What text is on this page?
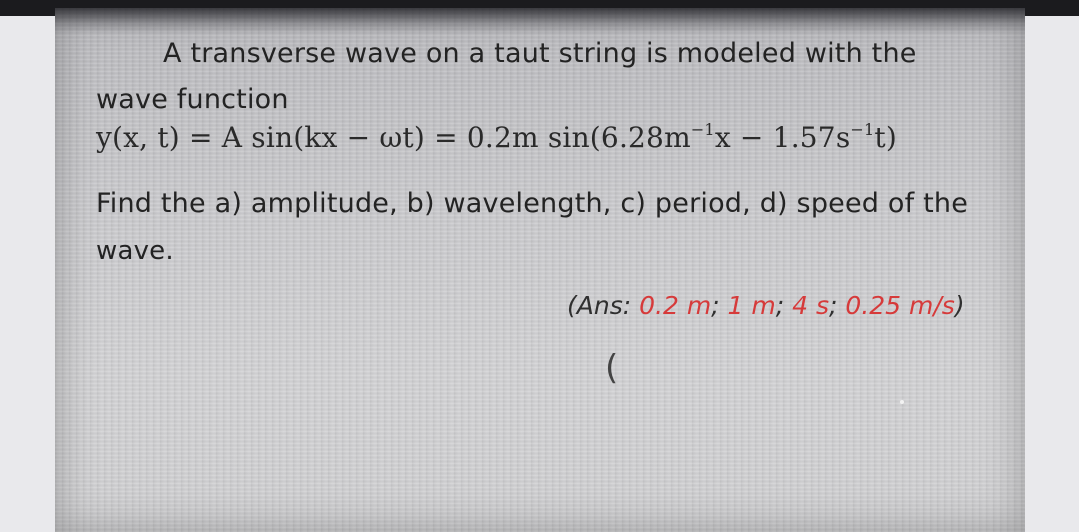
A transverse wave on a taut string is modeled with the
wave function
y(x, t) = A sin(kx − ωt) = 0.2m $\sin(6.28m^{-1}x - 1.57s^{-1}t)$
Find the a) amplitude, b) wavelength, c) period, d) speed of the
wave.
(Ans: 0.2 m; 1 m; 4 s; 0.25 m/s)
(
